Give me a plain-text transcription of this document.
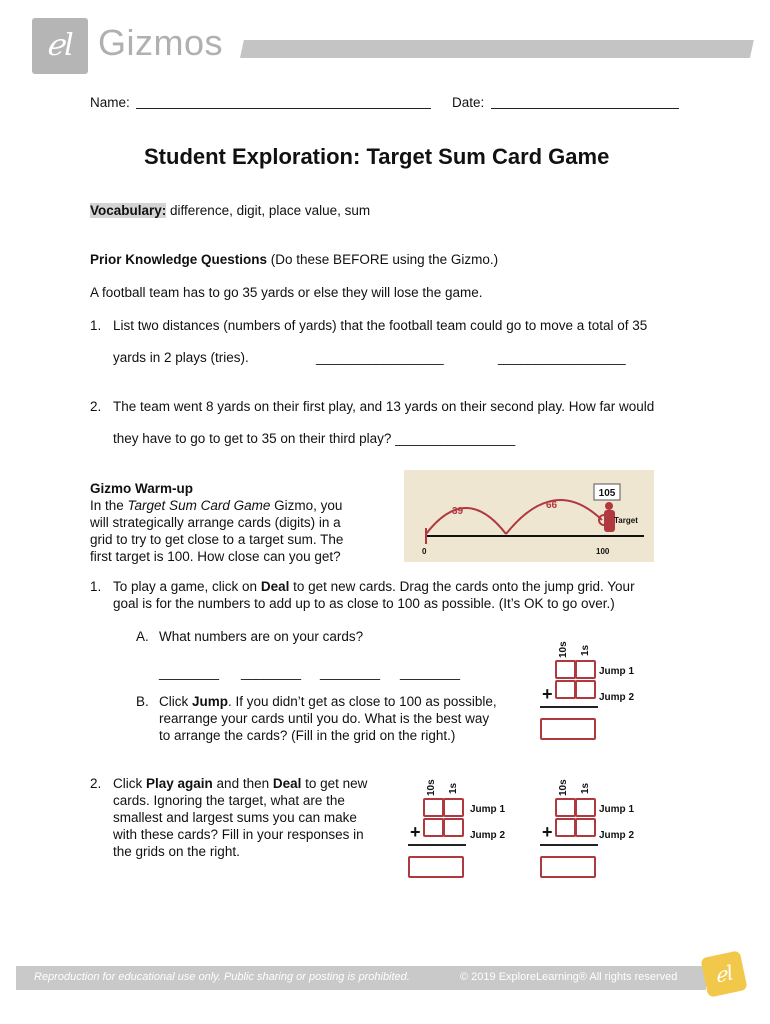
ℯl Gizmos
Name:	Date:
Student Exploration: Target Sum Card Game
Vocabulary: difference, digit, place value, sum
Prior Knowledge Questions (Do these BEFORE using the Gizmo.)
A football team has to go 35 yards or else they will lose the game.
1. List two distances (numbers of yards) that the football team could go to move a total of 35
yards in 2 plays (tries).	_________________	_________________
2. The team went 8 yards on their first play, and 13 yards on their second play. How far would
they have to go to get to 35 on their third play? ________________
Gizmo Warm-up
In the Target Sum Card Game Gizmo, you
will strategically arrange cards (digits) in a
grid to try to get close to a target sum. The
first target is 100. How close can you get?
39
66
105
Target
0	100
1. To play a game, click on Deal to get new cards. Drag the cards onto the jump grid. Your
goal is for the numbers to add up to as close to 100 as possible. (It’s OK to go over.)
A. What numbers are on your cards?
________ ________ ________ ________
B. Click Jump. If you didn’t get as close to 100 as possible,
rearrange your cards until you do. What is the best way
to arrange the cards? (Fill in the grid on the right.)
10s 1s
Jump 1
+	Jump 2
2. Click Play again and then Deal to get new
cards. Ignoring the target, what are the
smallest and largest sums you can make
with these cards? Fill in your responses in
the grids on the right.
10s 1s
Jump 1
+	Jump 2
10s 1s
Jump 1
+	Jump 2
Reproduction for educational use only. Public sharing or posting is prohibited.	© 2019 ExploreLearning® All rights reserved	ℯl
